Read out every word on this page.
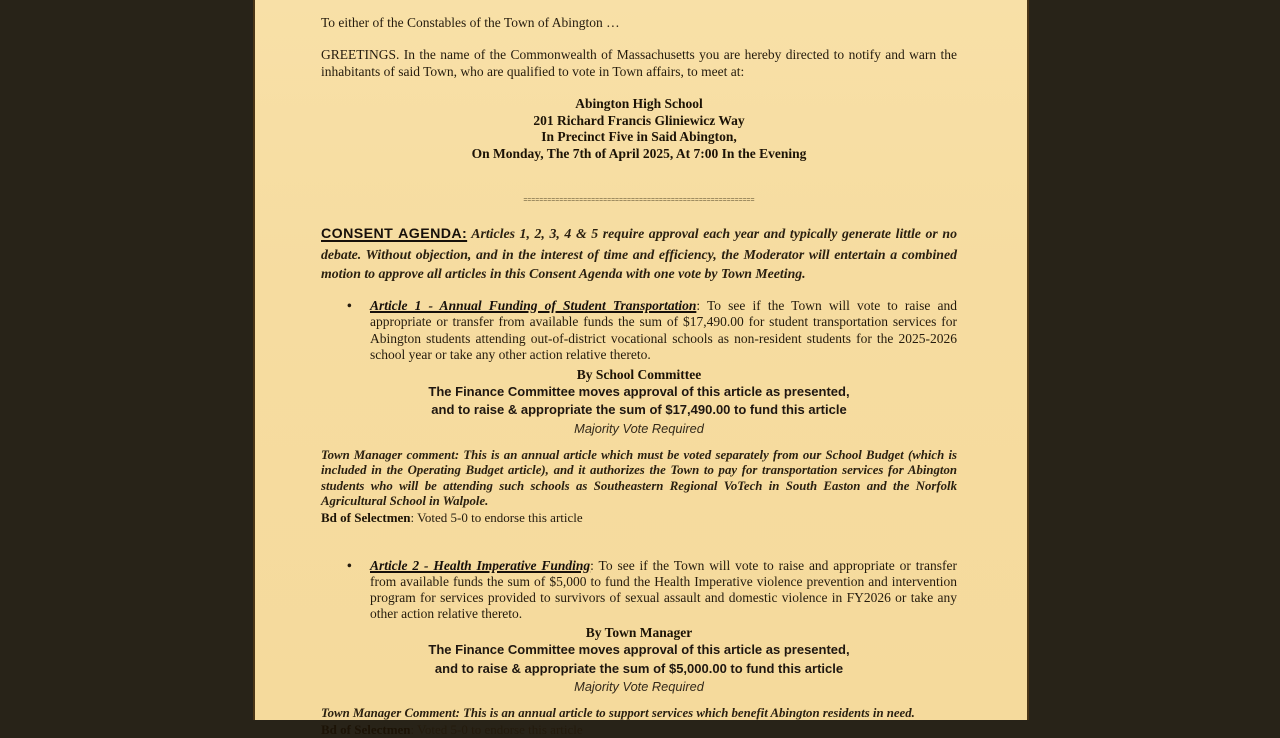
To either of the Constables of the Town of Abington …

GREETINGS. In the name of the Commonwealth of Massachusetts you are hereby directed to notify and warn the inhabitants of said Town, who are qualified to vote in Town affairs, to meet at:

Abington High School
201 Richard Francis Gliniewicz Way
In Precinct Five in Said Abington,
On Monday, The 7th of April 2025, At 7:00 In the Evening
==========================================================

CONSENT AGENDA: Articles 1, 2, 3, 4 & 5 require approval each year and typically generate little or no debate. Without objection, and in the interest of time and efficiency, the Moderator will entertain a combined motion to approve all articles in this Consent Agenda with one vote by Town Meeting.

• Article 1 - Annual Funding of Student Transportation: To see if the Town will vote to raise and appropriate or transfer from available funds the sum of $17,490.00 for student transportation services for Abington students attending out-of-district vocational schools as non-resident students for the 2025-2026 school year or take any other action relative thereto.
By School Committee
The Finance Committee moves approval of this article as presented,
and to raise & appropriate the sum of $17,490.00 to fund this article
Majority Vote Required

Town Manager comment: This is an annual article which must be voted separately from our School Budget (which is included in the Operating Budget article), and it authorizes the Town to pay for transportation services for Abington students who will be attending such schools as Southeastern Regional VoTech in South Easton and the Norfolk Agricultural School in Walpole.

Bd of Selectmen: Voted 5-0 to endorse this article
• Article 2 - Health Imperative Funding: To see if the Town will vote to raise and appropriate or transfer from available funds the sum of $5,000 to fund the Health Imperative violence prevention and intervention program for services provided to survivors of sexual assault and domestic violence in FY2026 or take any other action relative thereto.
By Town Manager
The Finance Committee moves approval of this article as presented,
and to raise & appropriate the sum of $5,000.00 to fund this article
Majority Vote Required

Town Manager Comment: This is an annual article to support services which benefit Abington residents in need.

Bd of Selectmen: Voted 5-0 to endorse this article
